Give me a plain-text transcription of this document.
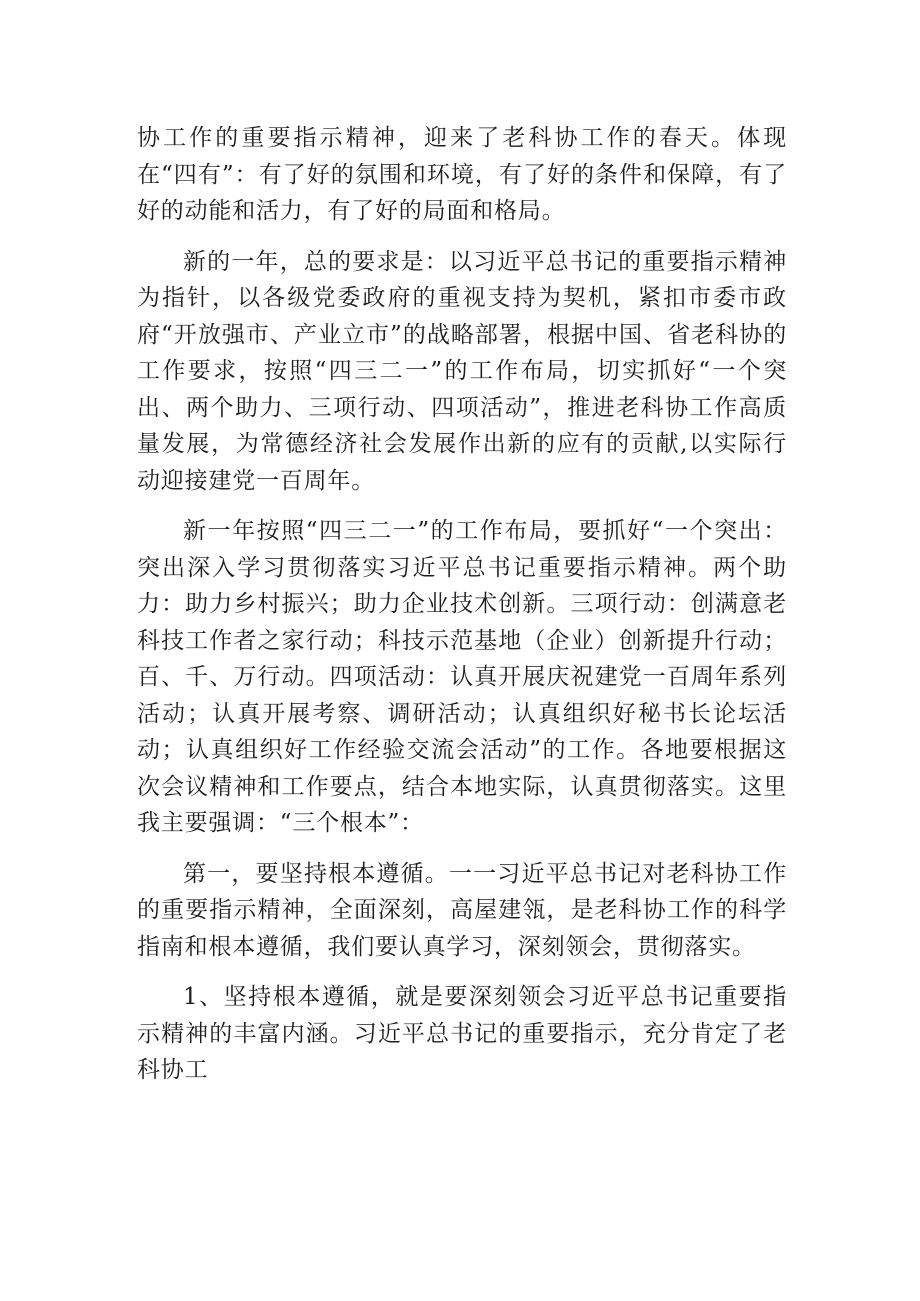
协工作的重要指示精神，迎来了老科协工作的春天。体现在“四有”：有了好的氛围和环境，有了好的条件和保障，有了好的动能和活力，有了好的局面和格局。

新的一年，总的要求是：以习近平总书记的重要指示精神为指针，以各级党委政府的重视支持为契机，紧扣市委市政府“开放强市、产业立市”的战略部署，根据中国、省老科协的工作要求，按照“四三二一”的工作布局，切实抓好“一个突出、两个助力、三项行动、四项活动”，推进老科协工作高质量发展，为常德经济社会发展作出新的应有的贡献,以实际行动迎接建党一百周年。

新一年按照“四三二一”的工作布局，要抓好“一个突出：突出深入学习贯彻落实习近平总书记重要指示精神。两个助力：助力乡村振兴；助力企业技术创新。三项行动：创满意老科技工作者之家行动；科技示范基地（企业）创新提升行动；百、千、万行动。四项活动：认真开展庆祝建党一百周年系列活动；认真开展考察、调研活动；认真组织好秘书长论坛活动；认真组织好工作经验交流会活动”的工作。各地要根据这次会议精神和工作要点，结合本地实际，认真贯彻落实。这里我主要强调：“三个根本”：

第一，要坚持根本遵循。一一习近平总书记对老科协工作的重要指示精神，全面深刻，高屋建瓴，是老科协工作的科学指南和根本遵循，我们要认真学习，深刻领会，贯彻落实。

1、坚持根本遵循，就是要深刻领会习近平总书记重要指示精神的丰富内涵。习近平总书记的重要指示，充分肯定了老科协工
